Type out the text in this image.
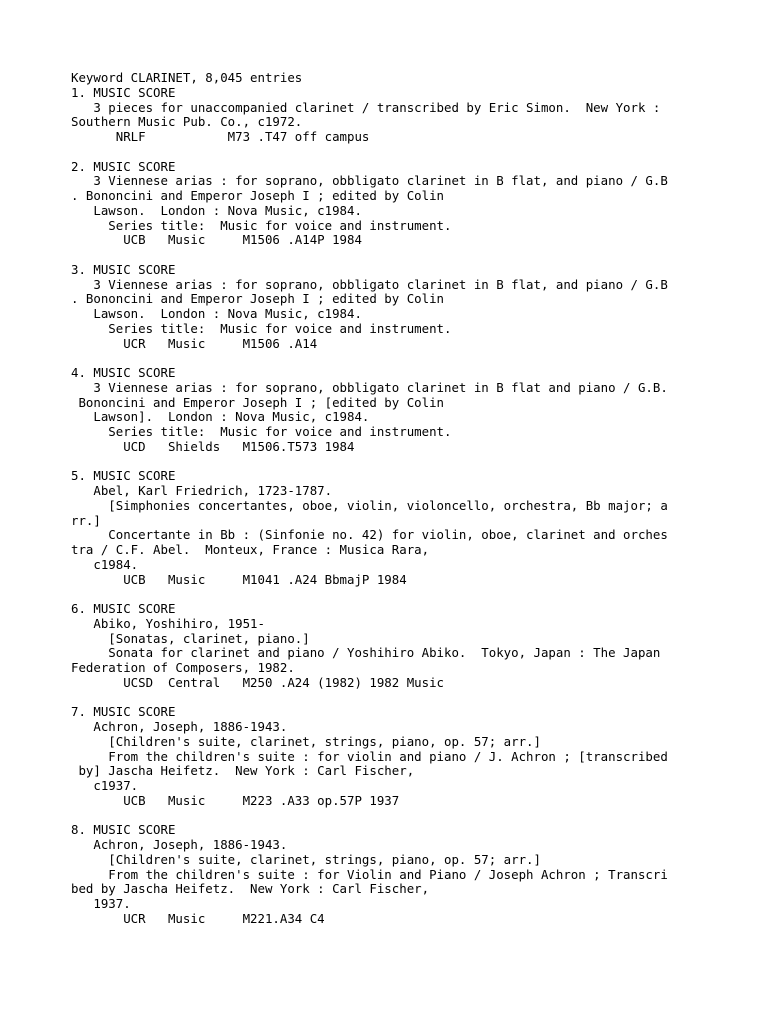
Keyword CLARINET, 8,045 entries
1. MUSIC SCORE
3 pieces for unaccompanied clarinet / transcribed by Eric Simon.  New York :
Southern Music Pub. Co., c1972.
NRLF           M73 .T47 off campus
2. MUSIC SCORE
3 Viennese arias : for soprano, obbligato clarinet in B flat, and piano / G.B
. Bononcini and Emperor Joseph I ; edited by Colin
Lawson.  London : Nova Music, c1984.
Series title:  Music for voice and instrument.
UCB   Music     M1506 .A14P 1984
3. MUSIC SCORE
3 Viennese arias : for soprano, obbligato clarinet in B flat, and piano / G.B
. Bononcini and Emperor Joseph I ; edited by Colin
Lawson.  London : Nova Music, c1984.
Series title:  Music for voice and instrument.
UCR   Music     M1506 .A14
4. MUSIC SCORE
3 Viennese arias : for soprano, obbligato clarinet in B flat and piano / G.B.
Bononcini and Emperor Joseph I ; [edited by Colin
Lawson].  London : Nova Music, c1984.
Series title:  Music for voice and instrument.
UCD   Shields   M1506.T573 1984
5. MUSIC SCORE
Abel, Karl Friedrich, 1723-1787.
[Simphonies concertantes, oboe, violin, violoncello, orchestra, Bb major; a
rr.]
Concertante in Bb : (Sinfonie no. 42) for violin, oboe, clarinet and orches
tra / C.F. Abel.  Monteux, France : Musica Rara,
c1984.
UCB   Music     M1041 .A24 BbmajP 1984
6. MUSIC SCORE
Abiko, Yoshihiro, 1951-
[Sonatas, clarinet, piano.]
Sonata for clarinet and piano / Yoshihiro Abiko.  Tokyo, Japan : The Japan
Federation of Composers, 1982.
UCSD  Central   M250 .A24 (1982) 1982 Music
7. MUSIC SCORE
Achron, Joseph, 1886-1943.
[Children's suite, clarinet, strings, piano, op. 57; arr.]
From the children's suite : for violin and piano / J. Achron ; [transcribed
by] Jascha Heifetz.  New York : Carl Fischer,
c1937.
UCB   Music     M223 .A33 op.57P 1937
8. MUSIC SCORE
Achron, Joseph, 1886-1943.
[Children's suite, clarinet, strings, piano, op. 57; arr.]
From the children's suite : for Violin and Piano / Joseph Achron ; Transcri
bed by Jascha Heifetz.  New York : Carl Fischer,
1937.
UCR   Music     M221.A34 C4
